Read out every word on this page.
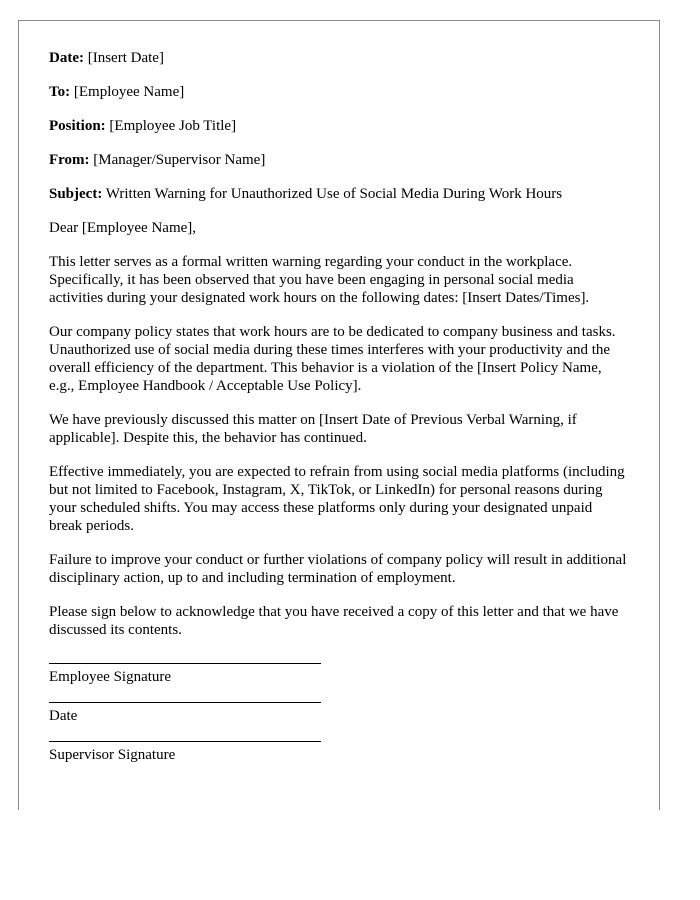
Date: [Insert Date]
To: [Employee Name]
Position: [Employee Job Title]
From: [Manager/Supervisor Name]
Subject: Written Warning for Unauthorized Use of Social Media During Work Hours

Dear [Employee Name],

This letter serves as a formal written warning regarding your conduct in the workplace. Specifically, it has been observed that you have been engaging in personal social media activities during your designated work hours on the following dates: [Insert Dates/Times].

Our company policy states that work hours are to be dedicated to company business and tasks. Unauthorized use of social media during these times interferes with your productivity and the overall efficiency of the department. This behavior is a violation of the [Insert Policy Name, e.g., Employee Handbook / Acceptable Use Policy].

We have previously discussed this matter on [Insert Date of Previous Verbal Warning, if applicable]. Despite this, the behavior has continued.

Effective immediately, you are expected to refrain from using social media platforms (including but not limited to Facebook, Instagram, X, TikTok, or LinkedIn) for personal reasons during your scheduled shifts. You may access these platforms only during your designated unpaid break periods.

Failure to improve your conduct or further violations of company policy will result in additional disciplinary action, up to and including termination of employment.

Please sign below to acknowledge that you have received a copy of this letter and that we have discussed its contents.

Employee Signature
Date
Supervisor Signature
